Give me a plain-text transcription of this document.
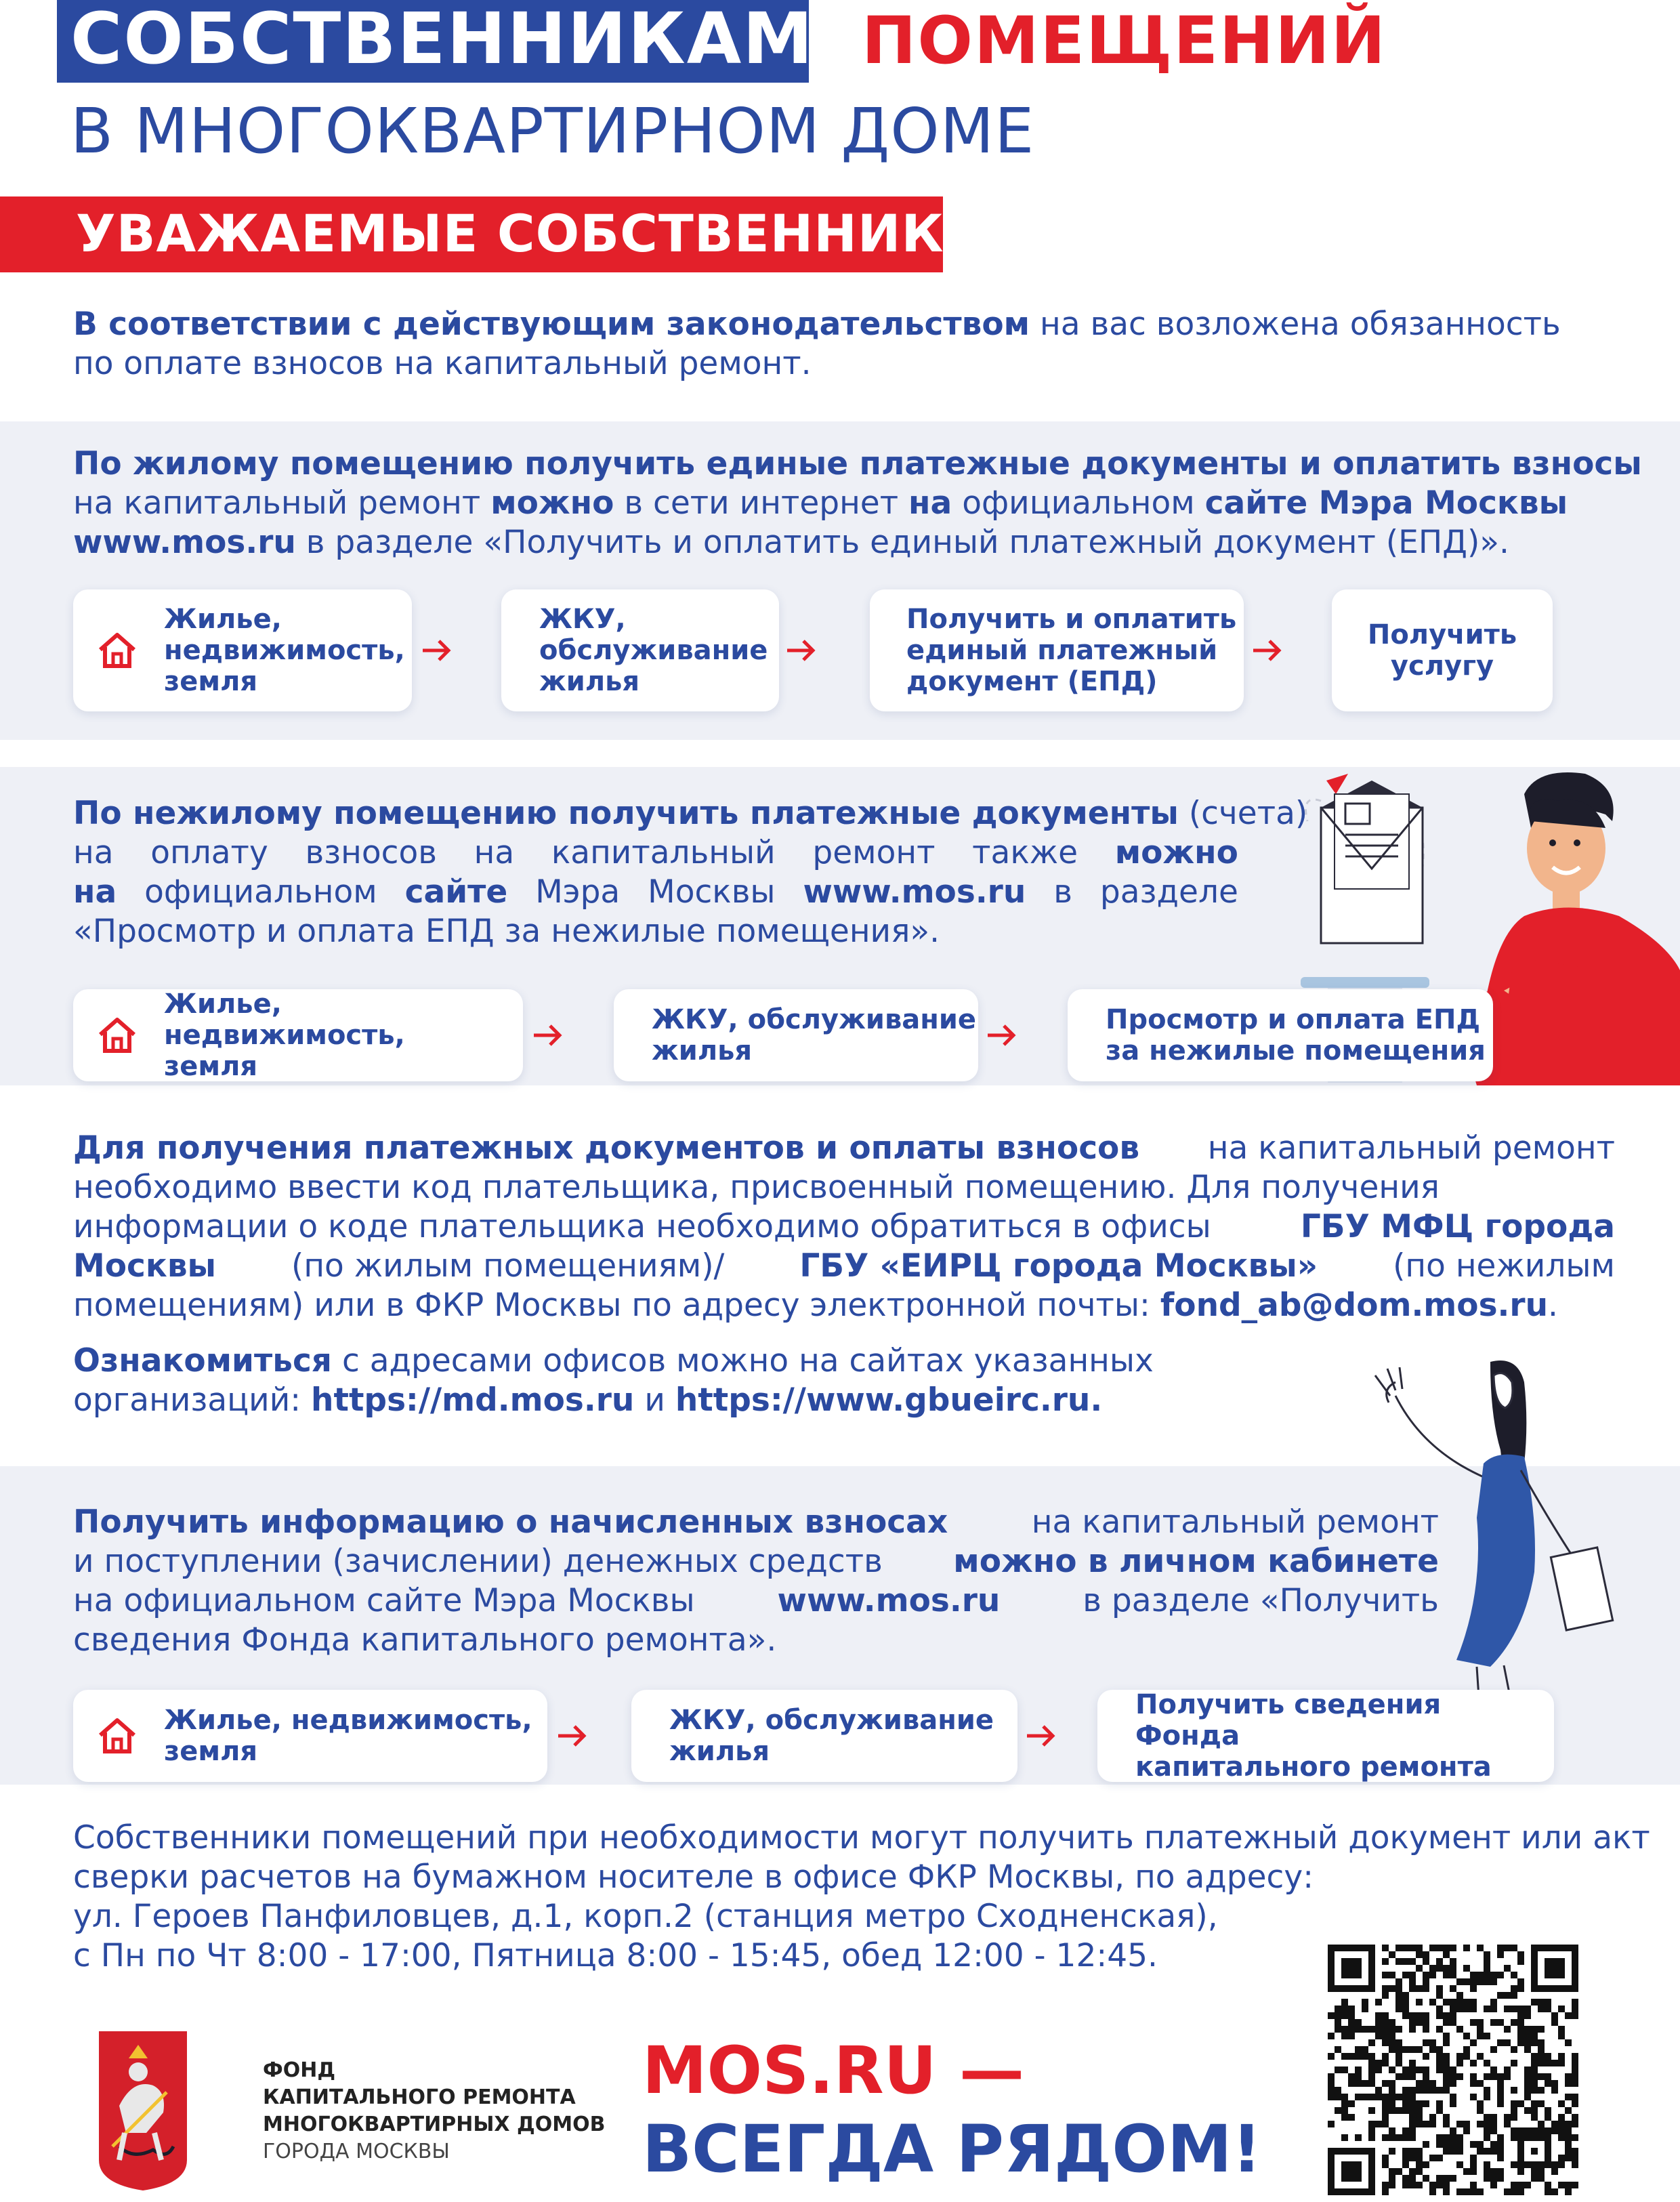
СОБСТВЕННИКАМ ПОМЕЩЕНИЙ
В МНОГОКВАРТИРНОМ ДОМЕ
УВАЖАЕМЫЕ СОБСТВЕННИКИ!
В соответствии с действующим законодательством на вас возложена обязанность
по оплате взносов на капитальный ремонт.
По жилому помещению получить единые платежные документы и оплатить взносы
на капитальный ремонт можно в сети интернет на официальном сайте Мэра Москвы
www.mos.ru в разделе «Получить и оплатить единый платежный документ (ЕПД)».
Жилье,
недвижимость,
земля
ЖКУ,
обслуживание
жилья
Получить и оплатить
единый платежный
документ (ЕПД)
Получить
услугу
По нежилому помещению получить платежные документы (счета)
на оплату взносов на капитальный ремонт также можно
на официальном сайте Мэра Москвы www.mos.ru в разделе
«Просмотр и оплата ЕПД за нежилые помещения».
Жилье, недвижимость,
земля
ЖКУ, обслуживание
жилья
Просмотр и оплата ЕПД
за нежилые помещения
Для получения платежных документов и оплаты взносов на капитальный ремонт
необходимо ввести код плательщика, присвоенный помещению. Для получения
информации о коде плательщика необходимо обратиться в офисы	ГБУ МФЦ города
Москвы (по жилым помещениям)/ ГБУ «ЕИРЦ города Москвы» (по нежилым
помещениям) или в ФКР Москвы по адресу электронной почты: fond_ab@dom.mos.ru.
Ознакомиться с адресами офисов можно на сайтах указанных
организаций: https://md.mos.ru и https://www.gbueirc.ru.
Получить информацию о начисленных взносах	на капитальный ремонт
и поступлении (зачислении) денежных средств можно в личном кабинете
на официальном сайте Мэра Москвы	www.mos.ru	в разделе «Получить
сведения Фонда капитального ремонта».
Жилье, недвижимость,
земля
ЖКУ, обслуживание
жилья
Получить сведения Фонда
капитального ремонта
Собственники помещений при необходимости могут получить платежный документ или акт
сверки расчетов на бумажном носителе в офисе ФКР Москвы, по адресу:
ул. Героев Панфиловцев, д.1, корп.2 (станция метро Сходненская),
с Пн по Чт 8:00 - 17:00, Пятница 8:00 - 15:45, обед 12:00 - 12:45.
ФОНД
КАПИТАЛЬНОГО РЕМОНТА
МНОГОКВАРТИРНЫХ ДОМОВ
ГОРОДА МОСКВЫ
MOS.RU —
ВСЕГДА РЯДОМ!
